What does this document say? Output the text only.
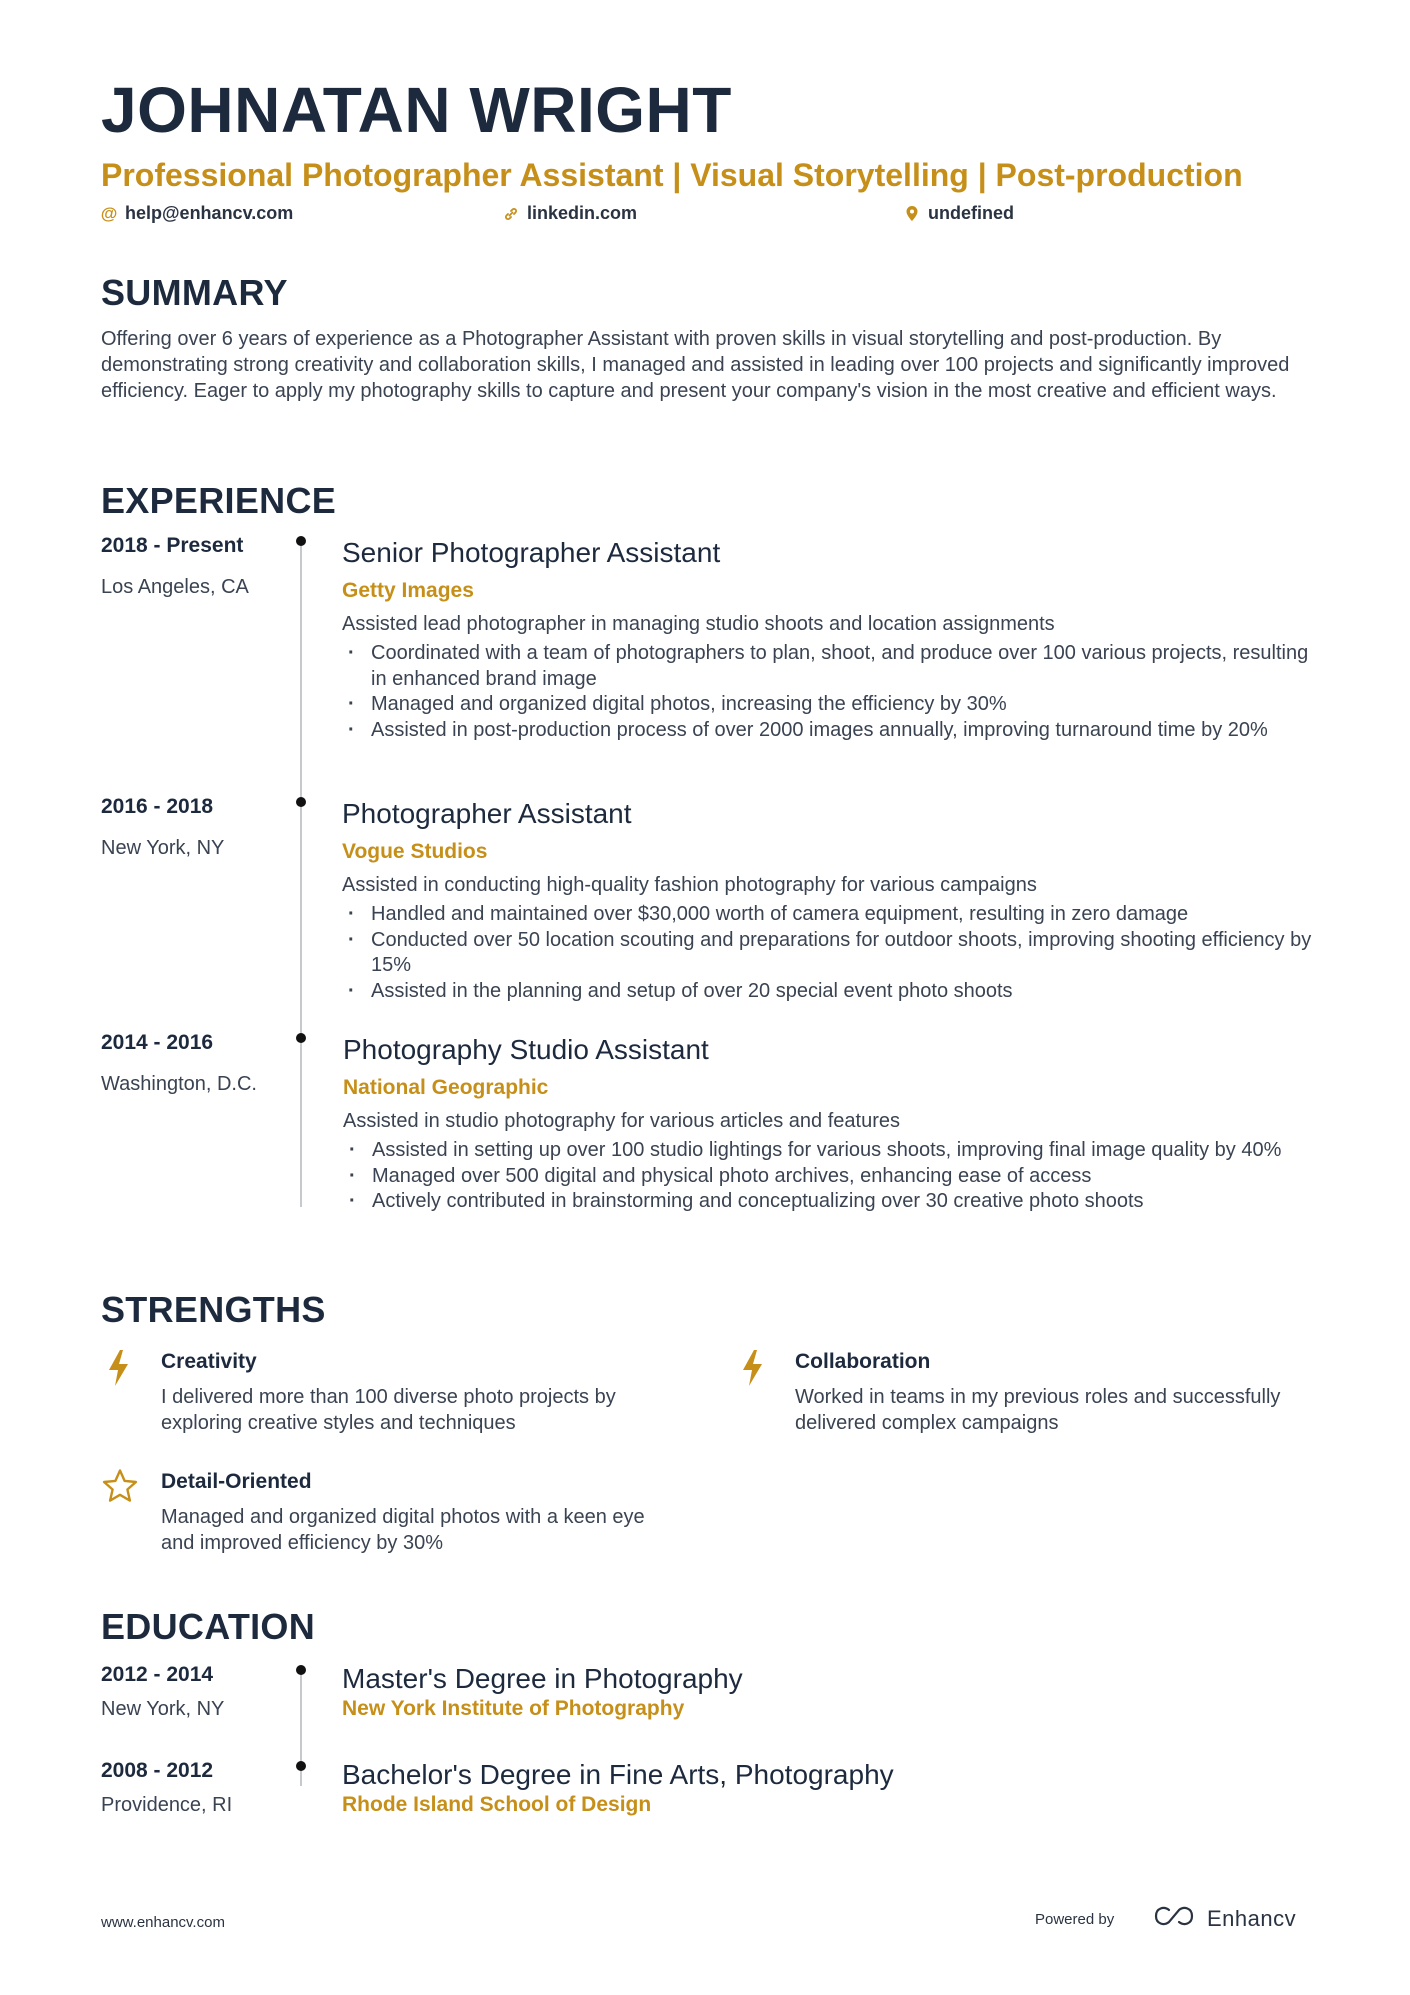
JOHNATAN WRIGHT
Professional Photographer Assistant | Visual Storytelling | Post-production
@ help@enhancv.com	linkedin.com	undefined
SUMMARY
Offering over 6 years of experience as a Photographer Assistant with proven skills in visual storytelling and post-production. By demonstrating strong creativity and collaboration skills, I managed and assisted in leading over 100 projects and significantly improved efficiency. Eager to apply my photography skills to capture and present your company's vision in the most creative and efficient ways.
EXPERIENCE
2018 - Present
Los Angeles, CA
Senior Photographer Assistant
Getty Images
Assisted lead photographer in managing studio shoots and location assignments
· Coordinated with a team of photographers to plan, shoot, and produce over 100 various projects, resulting in enhanced brand image
· Managed and organized digital photos, increasing the efficiency by 30%
· Assisted in post-production process of over 2000 images annually, improving turnaround time by 20%
2016 - 2018
New York, NY
Photographer Assistant
Vogue Studios
Assisted in conducting high-quality fashion photography for various campaigns
· Handled and maintained over $30,000 worth of camera equipment, resulting in zero damage
· Conducted over 50 location scouting and preparations for outdoor shoots, improving shooting efficiency by 15%
· Assisted in the planning and setup of over 20 special event photo shoots
2014 - 2016
Washington, D.C.
Photography Studio Assistant
National Geographic
Assisted in studio photography for various articles and features
· Assisted in setting up over 100 studio lightings for various shoots, improving final image quality by 40%
· Managed over 500 digital and physical photo archives, enhancing ease of access
· Actively contributed in brainstorming and conceptualizing over 30 creative photo shoots
STRENGTHS
Creativity
I delivered more than 100 diverse photo projects by exploring creative styles and techniques
Collaboration
Worked in teams in my previous roles and successfully delivered complex campaigns
Detail-Oriented
Managed and organized digital photos with a keen eye and improved efficiency by 30%
EDUCATION
2012 - 2014
New York, NY
Master's Degree in Photography
New York Institute of Photography
2008 - 2012
Providence, RI
Bachelor's Degree in Fine Arts, Photography
Rhode Island School of Design
www.enhancv.com	Powered by	Enhancv
